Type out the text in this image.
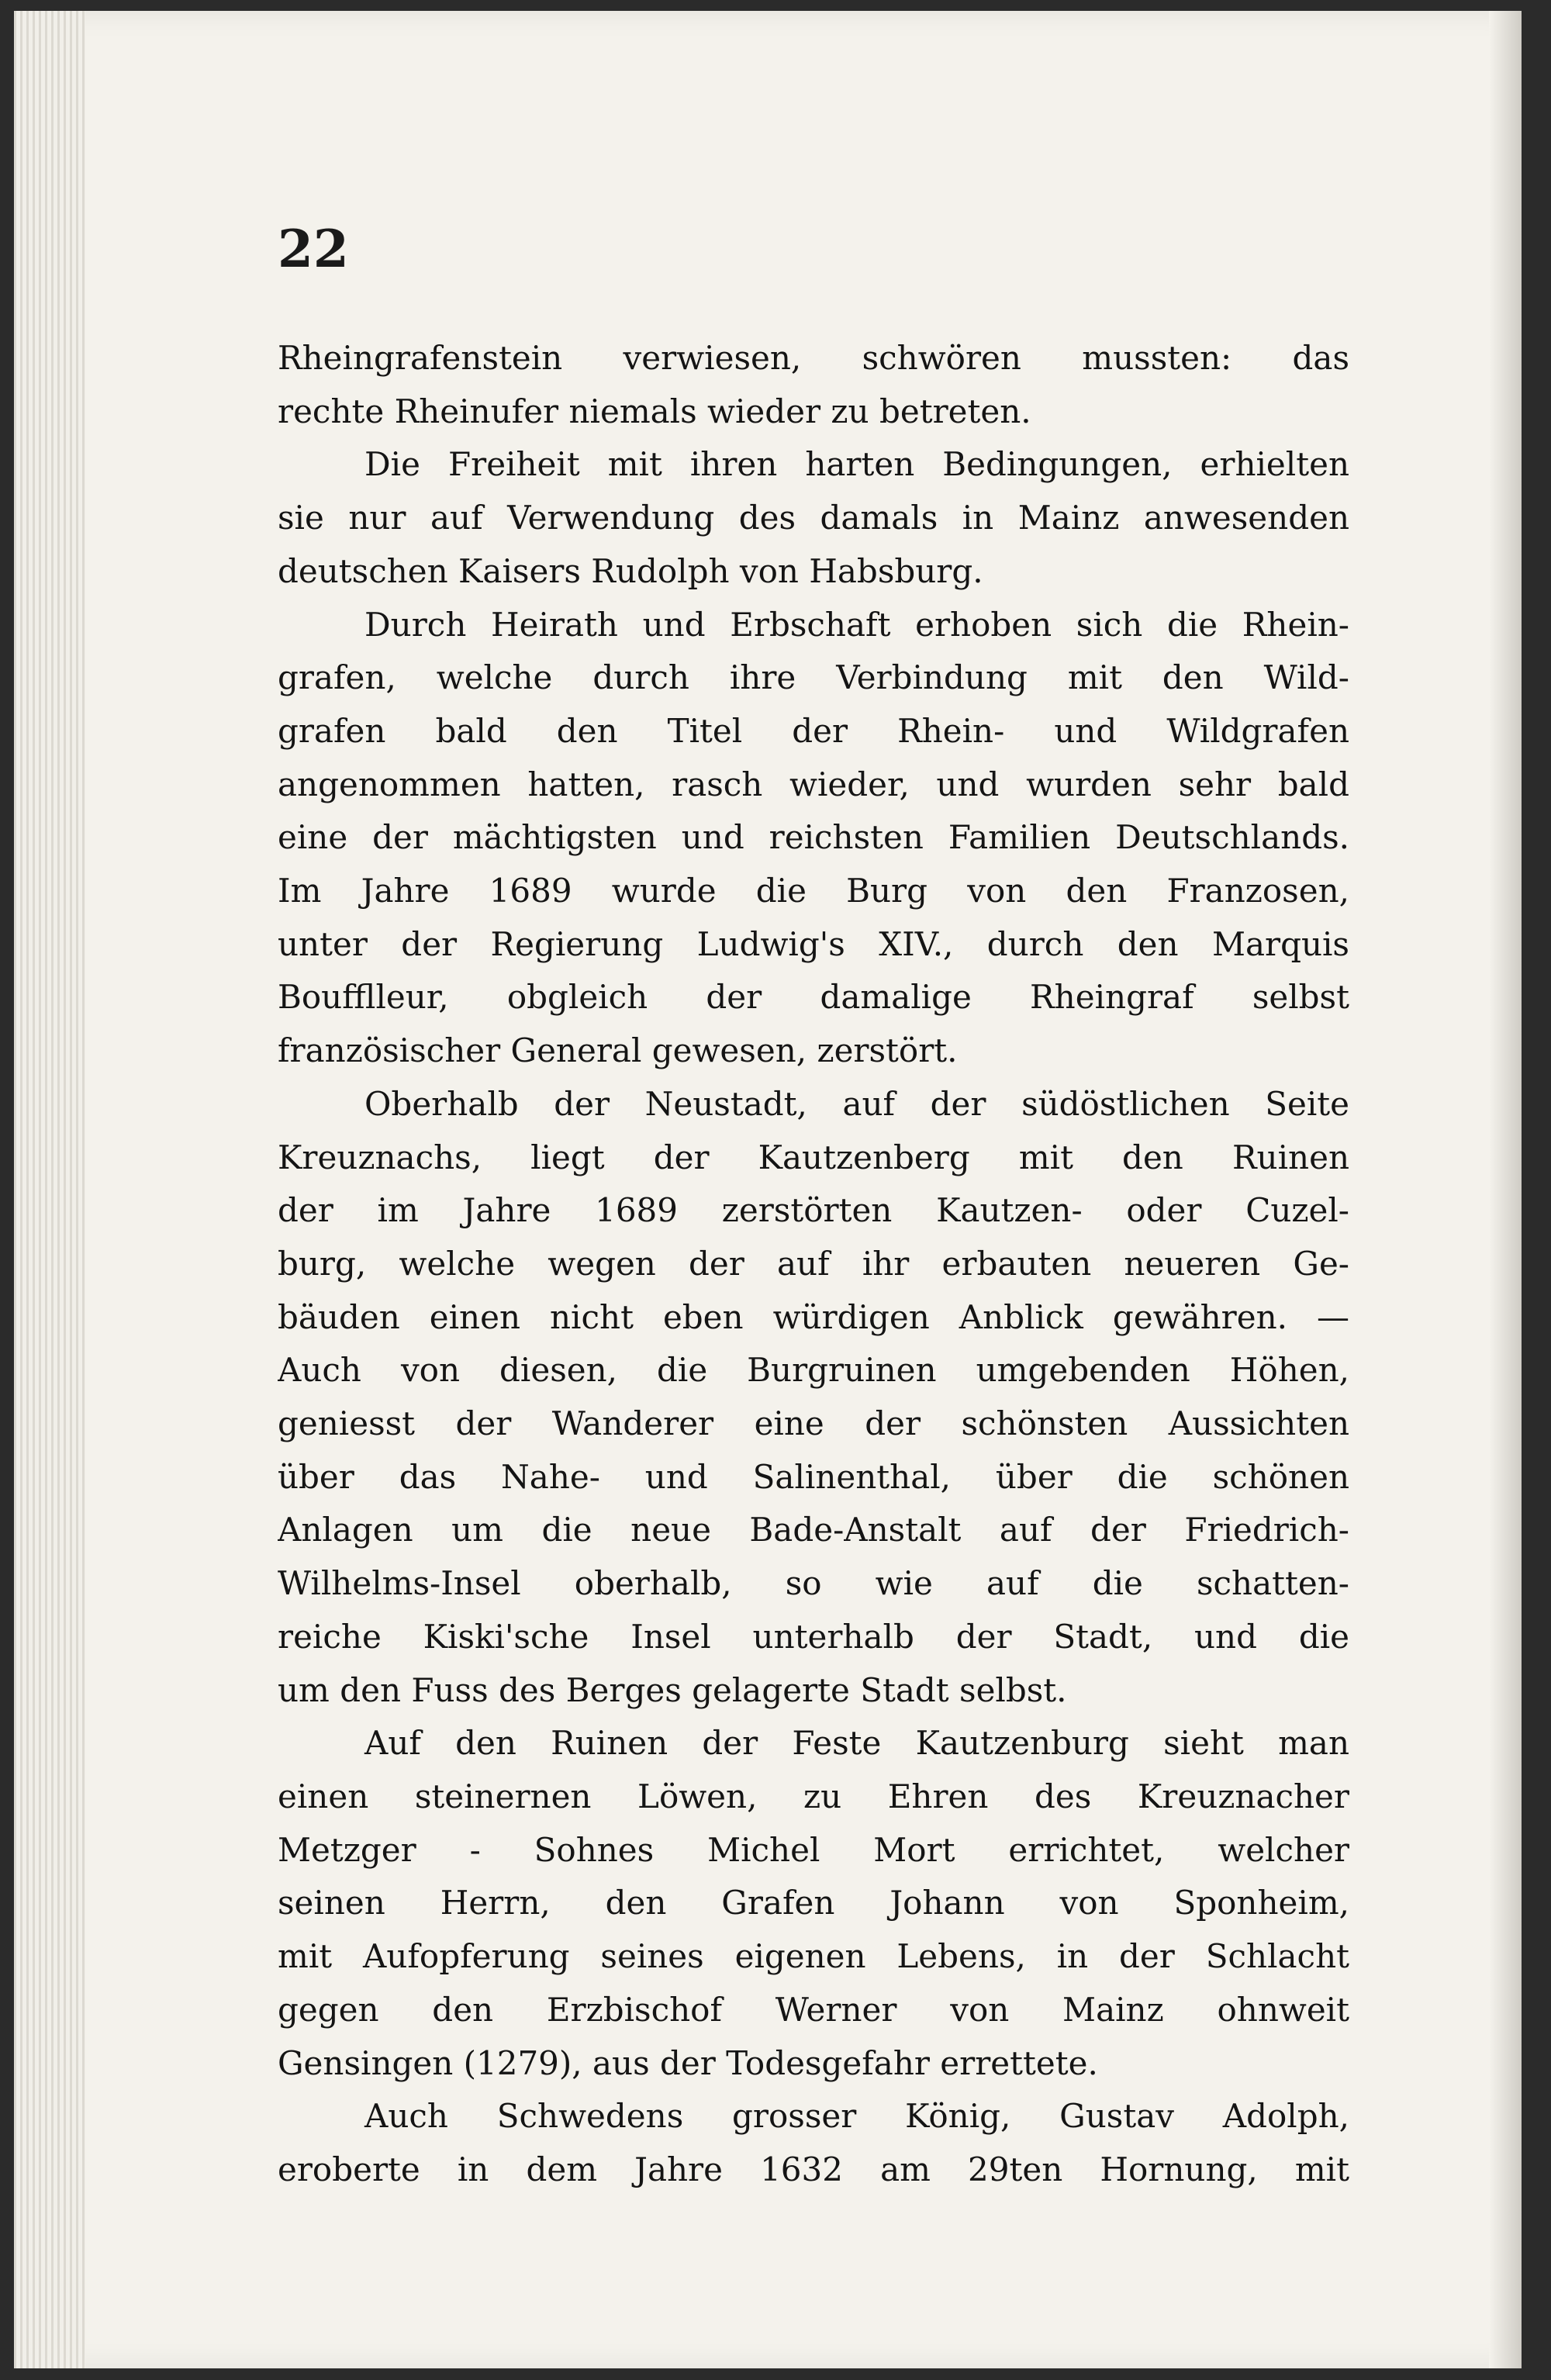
22
Rheingrafenstein verwiesen, schwören mussten: das
rechte Rheinufer niemals wieder zu betreten.
Die Freiheit mit ihren harten Bedingungen, erhielten
sie nur auf Verwendung des damals in Mainz anwesenden
deutschen Kaisers Rudolph von Habsburg.
Durch Heirath und Erbschaft erhoben sich die Rhein-
grafen, welche durch ihre Verbindung mit den Wild-
grafen bald den Titel der Rhein- und Wildgrafen
angenommen hatten, rasch wieder, und wurden sehr bald
eine der mächtigsten und reichsten Familien Deutschlands.
Im Jahre 1689 wurde die Burg von den Franzosen,
unter der Regierung Ludwig's XIV., durch den Marquis
Boufflleur, obgleich der damalige Rheingraf selbst
französischer General gewesen, zerstört.
Oberhalb der Neustadt, auf der südöstlichen Seite
Kreuznachs, liegt der Kautzenberg mit den Ruinen
der im Jahre 1689 zerstörten Kautzen- oder Cuzel-
burg, welche wegen der auf ihr erbauten neueren Ge-
bäuden einen nicht eben würdigen Anblick gewähren. —
Auch von diesen, die Burgruinen umgebenden Höhen,
geniesst der Wanderer eine der schönsten Aussichten
über das Nahe- und Salinenthal, über die schönen
Anlagen um die neue Bade-Anstalt auf der Friedrich-
Wilhelms-Insel oberhalb, so wie auf die schatten-
reiche Kiski'sche Insel unterhalb der Stadt, und die
um den Fuss des Berges gelagerte Stadt selbst.
Auf den Ruinen der Feste Kautzenburg sieht man
einen steinernen Löwen, zu Ehren des Kreuznacher
Metzger - Sohnes Michel Mort errichtet, welcher
seinen Herrn, den Grafen Johann von Sponheim,
mit Aufopferung seines eigenen Lebens, in der Schlacht
gegen den Erzbischof Werner von Mainz ohnweit
Gensingen (1279), aus der Todesgefahr errettete.
Auch Schwedens grosser König, Gustav Adolph,
eroberte in dem Jahre 1632 am 29ten Hornung, mit
